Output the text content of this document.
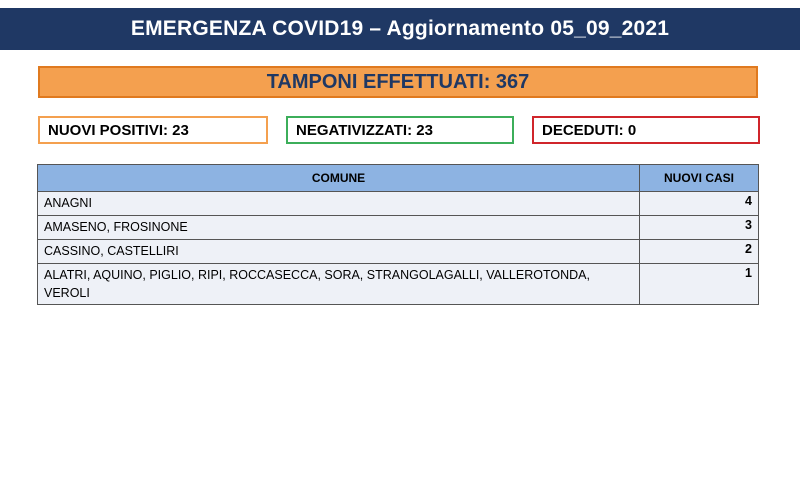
EMERGENZA COVID19 – Aggiornamento 05_09_2021
TAMPONI EFFETTUATI: 367
NUOVI POSITIVI: 23	NEGATIVIZZATI: 23	DECEDUTI: 0
COMUNE	NUOVI CASI
ANAGNI	4
AMASENO, FROSINONE	3
CASSINO, CASTELLIRI	2
ALATRI, AQUINO, PIGLIO, RIPI, ROCCASECCA, SORA, STRANGOLAGALLI, VALLEROTONDA, VEROLI	1
